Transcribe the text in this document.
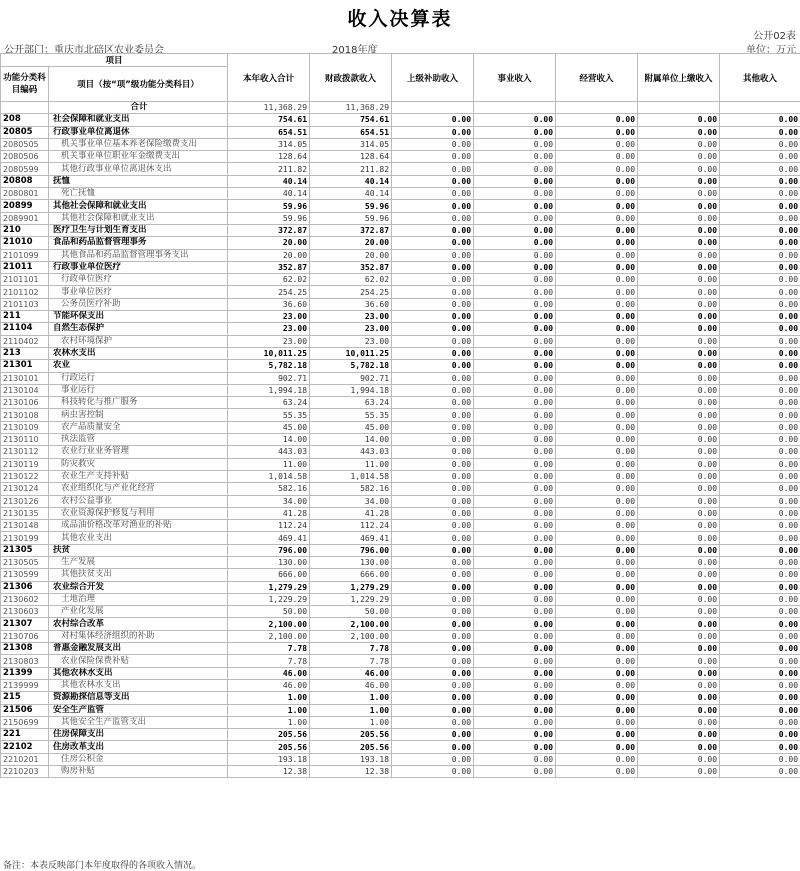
收入决算表
公开02表
公开部门：重庆市北碚区农业委员会	2018年度	单位：万元
项目		本年收入合计	财政拨款收入	上级补助收入	事业收入	经营收入	附属单位上缴收入	其他收入
功能分类科目编码	项目（按“项”级功能分类科目）							
	合计	11,368.29	11,368.29					
208	社会保障和就业支出	754.61	754.61	0.00	0.00	0.00	0.00	0.00
20805	行政事业单位离退休	654.51	654.51	0.00	0.00	0.00	0.00	0.00
2080505	机关事业单位基本养老保险缴费支出	314.05	314.05	0.00	0.00	0.00	0.00	0.00
2080506	机关事业单位职业年金缴费支出	128.64	128.64	0.00	0.00	0.00	0.00	0.00
2080599	其他行政事业单位离退休支出	211.82	211.82	0.00	0.00	0.00	0.00	0.00
20808	抚恤	40.14	40.14	0.00	0.00	0.00	0.00	0.00
2080801	死亡抚恤	40.14	40.14	0.00	0.00	0.00	0.00	0.00
20899	其他社会保障和就业支出	59.96	59.96	0.00	0.00	0.00	0.00	0.00
2089901	其他社会保障和就业支出	59.96	59.96	0.00	0.00	0.00	0.00	0.00
210	医疗卫生与计划生育支出	372.87	372.87	0.00	0.00	0.00	0.00	0.00
21010	食品和药品监督管理事务	20.00	20.00	0.00	0.00	0.00	0.00	0.00
2101099	其他食品和药品监督管理事务支出	20.00	20.00	0.00	0.00	0.00	0.00	0.00
21011	行政事业单位医疗	352.87	352.87	0.00	0.00	0.00	0.00	0.00
2101101	行政单位医疗	62.02	62.02	0.00	0.00	0.00	0.00	0.00
2101102	事业单位医疗	254.25	254.25	0.00	0.00	0.00	0.00	0.00
2101103	公务员医疗补助	36.60	36.60	0.00	0.00	0.00	0.00	0.00
211	节能环保支出	23.00	23.00	0.00	0.00	0.00	0.00	0.00
21104	自然生态保护	23.00	23.00	0.00	0.00	0.00	0.00	0.00
2110402	农村环境保护	23.00	23.00	0.00	0.00	0.00	0.00	0.00
213	农林水支出	10,011.25	10,011.25	0.00	0.00	0.00	0.00	0.00
21301	农业	5,782.18	5,782.18	0.00	0.00	0.00	0.00	0.00
2130101	行政运行	902.71	902.71	0.00	0.00	0.00	0.00	0.00
2130104	事业运行	1,994.18	1,994.18	0.00	0.00	0.00	0.00	0.00
2130106	科技转化与推广服务	63.24	63.24	0.00	0.00	0.00	0.00	0.00
2130108	病虫害控制	55.35	55.35	0.00	0.00	0.00	0.00	0.00
2130109	农产品质量安全	45.00	45.00	0.00	0.00	0.00	0.00	0.00
2130110	执法监管	14.00	14.00	0.00	0.00	0.00	0.00	0.00
2130112	农业行业业务管理	443.03	443.03	0.00	0.00	0.00	0.00	0.00
2130119	防灾救灾	11.00	11.00	0.00	0.00	0.00	0.00	0.00
2130122	农业生产支持补贴	1,014.58	1,014.58	0.00	0.00	0.00	0.00	0.00
2130124	农业组织化与产业化经营	582.16	582.16	0.00	0.00	0.00	0.00	0.00
2130126	农村公益事业	34.00	34.00	0.00	0.00	0.00	0.00	0.00
2130135	农业资源保护修复与利用	41.28	41.28	0.00	0.00	0.00	0.00	0.00
2130148	成品油价格改革对渔业的补贴	112.24	112.24	0.00	0.00	0.00	0.00	0.00
2130199	其他农业支出	469.41	469.41	0.00	0.00	0.00	0.00	0.00
21305	扶贫	796.00	796.00	0.00	0.00	0.00	0.00	0.00
2130505	生产发展	130.00	130.00	0.00	0.00	0.00	0.00	0.00
2130599	其他扶贫支出	666.00	666.00	0.00	0.00	0.00	0.00	0.00
21306	农业综合开发	1,279.29	1,279.29	0.00	0.00	0.00	0.00	0.00
2130602	土地治理	1,229.29	1,229.29	0.00	0.00	0.00	0.00	0.00
2130603	产业化发展	50.00	50.00	0.00	0.00	0.00	0.00	0.00
21307	农村综合改革	2,100.00	2,100.00	0.00	0.00	0.00	0.00	0.00
2130706	对村集体经济组织的补助	2,100.00	2,100.00	0.00	0.00	0.00	0.00	0.00
21308	普惠金融发展支出	7.78	7.78	0.00	0.00	0.00	0.00	0.00
2130803	农业保险保费补贴	7.78	7.78	0.00	0.00	0.00	0.00	0.00
21399	其他农林水支出	46.00	46.00	0.00	0.00	0.00	0.00	0.00
2139999	其他农林水支出	46.00	46.00	0.00	0.00	0.00	0.00	0.00
215	资源勘探信息等支出	1.00	1.00	0.00	0.00	0.00	0.00	0.00
21506	安全生产监管	1.00	1.00	0.00	0.00	0.00	0.00	0.00
2150699	其他安全生产监管支出	1.00	1.00	0.00	0.00	0.00	0.00	0.00
221	住房保障支出	205.56	205.56	0.00	0.00	0.00	0.00	0.00
22102	住房改革支出	205.56	205.56	0.00	0.00	0.00	0.00	0.00
2210201	住房公积金	193.18	193.18	0.00	0.00	0.00	0.00	0.00
2210203	购房补贴	12.38	12.38	0.00	0.00	0.00	0.00	0.00
备注：本表反映部门本年度取得的各项收入情况。
